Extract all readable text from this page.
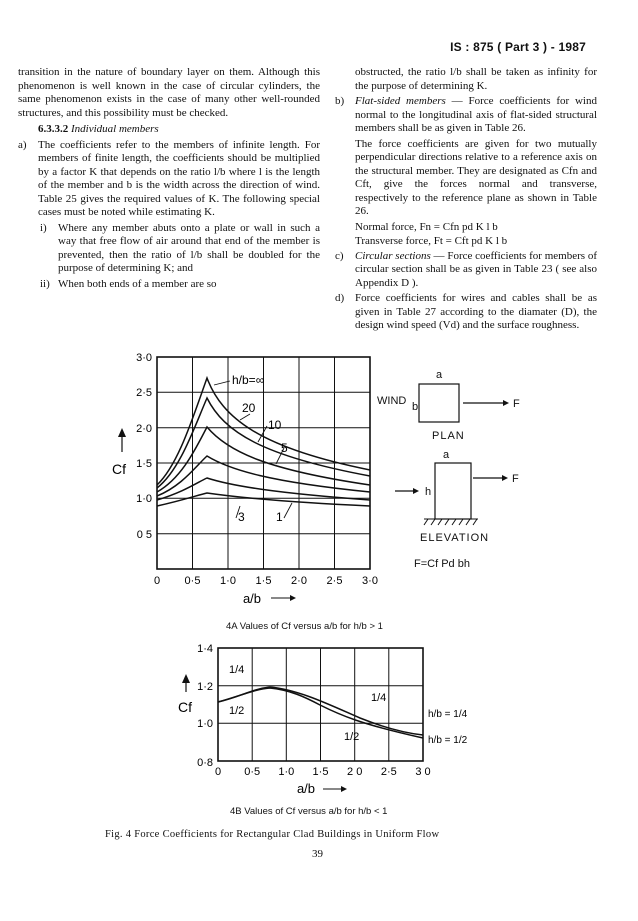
IS : 875 ( Part 3 ) - 1987

transition in the nature of boundary layer on them. Although this phenomenon is well known in the case of circular cylinders, the same phenomenon exists in the case of many other well-rounded structures, and this possibility must be checked.

6.3.3.2 Individual members
a)	The coefficients refer to the members of infinite length. For members of finite length, the coefficients should be multiplied by a factor K that depends on the ratio l/b where l is the length of the member and b is the width across the direction of wind. Table 25 gives the required values of K. The following special cases must be noted while estimating K.
i)	Where any member abuts onto a plate or wall in such a way that free flow of air around that end of the member is prevented, then the ratio of l/b shall be doubled for the purpose of determining K; and
ii) When both ends of a member are so

obstructed, the ratio l/b shall be taken as infinity for the purpose of determining K.

b) Flat-sided members — Force coefficients for wind normal to the longitudinal axis of flat-sided structural members shall be as given in Table 26.

The force coefficients are given for two mutually perpendicular directions relative to a reference axis on the structural member. They are designated as Cfn and Cft, give the forces normal and transverse, respectively to the reference plane as shown in Table 26.

Normal force, Fn = Cfn pd K l b
Transverse force, Ft = Cft pd K l b
c)	Circular sections — Force coefficients for members of circular section shall be as given in Table 23 ( see also Appendix D ).
d) Force coefficients for wires and cables shall be as given in Table 27 according to the diamater (D), the design wind speed (Vd) and the surface roughness.
Cf
3·0
2·5
2·0
1·5
1·0
0 5
0 0·5 1·0 1·5 2·0 2·5 3·0
a/b
h/b=∞
20
10
5
3	1
a
WIND b	F
PLAN
a
h
F
ELEVATION
F=Cf Pd bh
4A Values of Cf versus a/b for h/b > 1
Cf
1·4
1·2
1·0
0·8
0 0·5 1·0 1·5 2 0 2·5 3 0
a/b
1/4
1/2
1/4
1/2
h/b = 1/4
h/b = 1/2
4B Values of Cf versus a/b for h/b < 1
Fig. 4 Force Coefficients for Rectangular Clad Buildings in Uniform Flow
39
